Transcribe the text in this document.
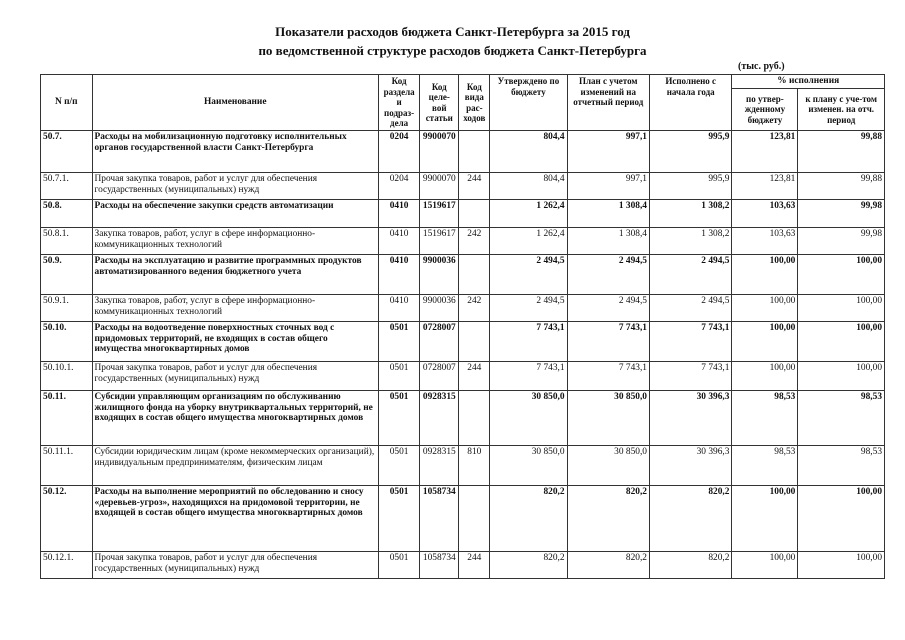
Показатели расходов бюджета Санкт-Петербурга за 2015 год
по ведомственной структуре расходов бюджета Санкт-Петербурга
(тыс. руб.)
N п/п	Наименование	Код раздела и подраз-дела	Код целе-вой статьи	Код вида рас-ходов	Утверждено по бюджету	План с учетом изменений на отчетный период	Исполнено с начала года	% исполнения	
								по утвер-жденному бюджету	к плану с уче-том изменен. на отч. период
50.7.	Расходы на мобилизационную подготовку исполнительных органов государственной власти Санкт-Петербурга	0204	9900070		804,4	997,1	995,9	123,81	99,88
50.7.1.	Прочая закупка товаров, работ и услуг для обеспечения государственных (муниципальных) нужд	0204	9900070	244	804,4	997,1	995,9	123,81	99,88
50.8.	Расходы на обеспечение закупки средств автоматизации	0410	1519617		1 262,4	1 308,4	1 308,2	103,63	99,98
50.8.1.	Закупка товаров, работ, услуг в сфере информационно-коммуникационных технологий	0410	1519617	242	1 262,4	1 308,4	1 308,2	103,63	99,98
50.9.	Расходы на эксплуатацию и развитие программных продуктов автоматизированного ведения бюджетного учета	0410	9900036		2 494,5	2 494,5	2 494,5	100,00	100,00
50.9.1.	Закупка товаров, работ, услуг в сфере информационно-коммуникационных технологий	0410	9900036	242	2 494,5	2 494,5	2 494,5	100,00	100,00
50.10.	Расходы на водоотведение поверхностных сточных вод с придомовых территорий, не входящих в состав общего имущества многоквартирных домов	0501	0728007		7 743,1	7 743,1	7 743,1	100,00	100,00
50.10.1.	Прочая закупка товаров, работ и услуг для обеспечения государственных (муниципальных) нужд	0501	0728007	244	7 743,1	7 743,1	7 743,1	100,00	100,00
50.11.	Субсидии управляющим организациям по обслуживанию жилищного фонда на уборку внутриквартальных территорий, не входящих в состав общего имущества многоквартирных домов	0501	0928315		30 850,0	30 850,0	30 396,3	98,53	98,53
50.11.1.	Субсидии юридическим лицам (кроме некоммерческих организаций), индивидуальным предпринимателям, физическим лицам	0501	0928315	810	30 850,0	30 850,0	30 396,3	98,53	98,53
50.12.	Расходы на выполнение мероприятий по обследованию и сносу «деревьев-угроз», находящихся на придомовой территории, не входящей в состав общего имущества многоквартирных домов	0501	1058734		820,2	820,2	820,2	100,00	100,00
50.12.1.	Прочая закупка товаров, работ и услуг для обеспечения государственных (муниципальных) нужд	0501	1058734	244	820,2	820,2	820,2	100,00	100,00
